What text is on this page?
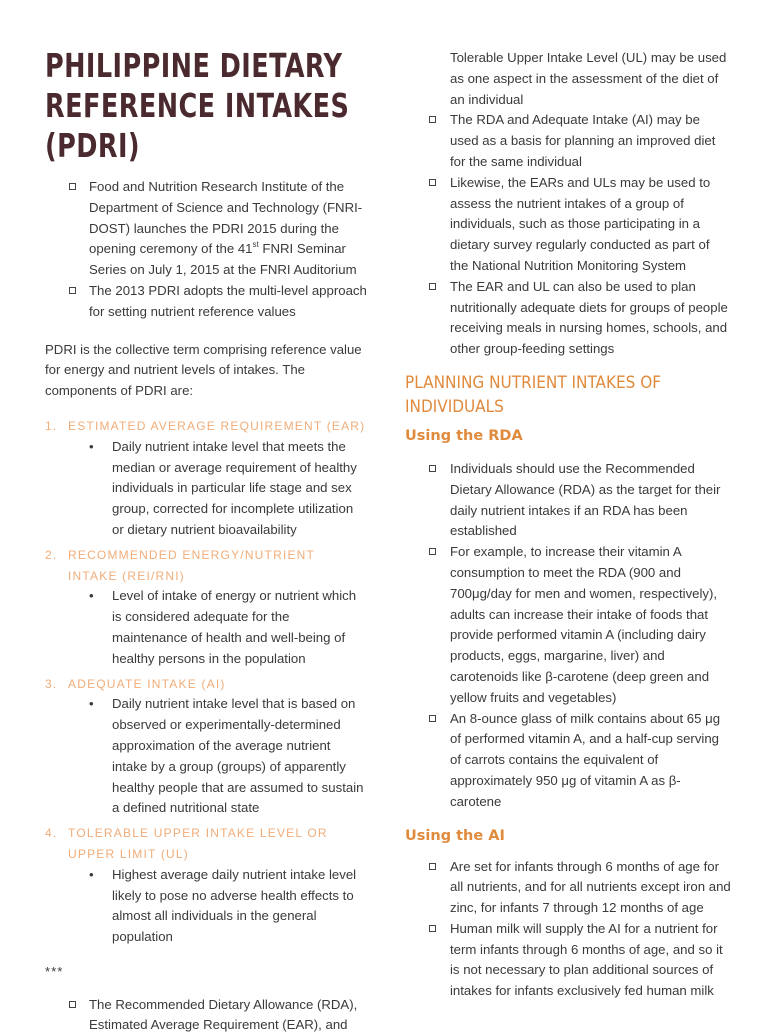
PHILIPPINE DIETARY REFERENCE INTAKES (PDRI)
Food and Nutrition Research Institute of the Department of Science and Technology (FNRI-DOST) launches the PDRI 2015 during the opening ceremony of the 41st FNRI Seminar Series on July 1, 2015 at the FNRI Auditorium
The 2013 PDRI adopts the multi-level approach for setting nutrient reference values

PDRI is the collective term comprising reference value for energy and nutrient levels of intakes. The components of PDRI are:

1. ESTIMATED AVERAGE REQUIREMENT (EAR)
• Daily nutrient intake level that meets the median or average requirement of healthy individuals in particular life stage and sex group, corrected for incomplete utilization or dietary nutrient bioavailability
2. RECOMMENDED ENERGY/NUTRIENT INTAKE (REI/RNI)
• Level of intake of energy or nutrient which is considered adequate for the maintenance of health and well-being of healthy persons in the population
3. ADEQUATE INTAKE (AI)
• Daily nutrient intake level that is based on observed or experimentally-determined approximation of the average nutrient intake by a group (groups) of apparently healthy people that are assumed to sustain a defined nutritional state
4. TOLERABLE UPPER INTAKE LEVEL OR UPPER LIMIT (UL)
• Highest average daily nutrient intake level likely to pose no adverse health effects to almost all individuals in the general population
***
The Recommended Dietary Allowance (RDA), Estimated Average Requirement (EAR), and
Tolerable Upper Intake Level (UL) may be used as one aspect in the assessment of the diet of an individual
The RDA and Adequate Intake (AI) may be used as a basis for planning an improved diet for the same individual
Likewise, the EARs and ULs may be used to assess the nutrient intakes of a group of individuals, such as those participating in a dietary survey regularly conducted as part of the National Nutrition Monitoring System
The EAR and UL can also be used to plan nutritionally adequate diets for groups of people receiving meals in nursing homes, schools, and other group-feeding settings
PLANNING NUTRIENT INTAKES OF INDIVIDUALS
Using the RDA
Individuals should use the Recommended Dietary Allowance (RDA) as the target for their daily nutrient intakes if an RDA has been established
For example, to increase their vitamin A consumption to meet the RDA (900 and 700μg/day for men and women, respectively), adults can increase their intake of foods that provide performed vitamin A (including dairy products, eggs, margarine, liver) and carotenoids like β-carotene (deep green and yellow fruits and vegetables)
An 8-ounce glass of milk contains about 65 μg of performed vitamin A, and a half-cup serving of carrots contains the equivalent of approximately 950 μg of vitamin A as β-carotene
Using the AI
Are set for infants through 6 months of age for all nutrients, and for all nutrients except iron and zinc, for infants 7 through 12 months of age
Human milk will supply the AI for a nutrient for term infants through 6 months of age, and so it is not necessary to plan additional sources of intakes for infants exclusively fed human milk
